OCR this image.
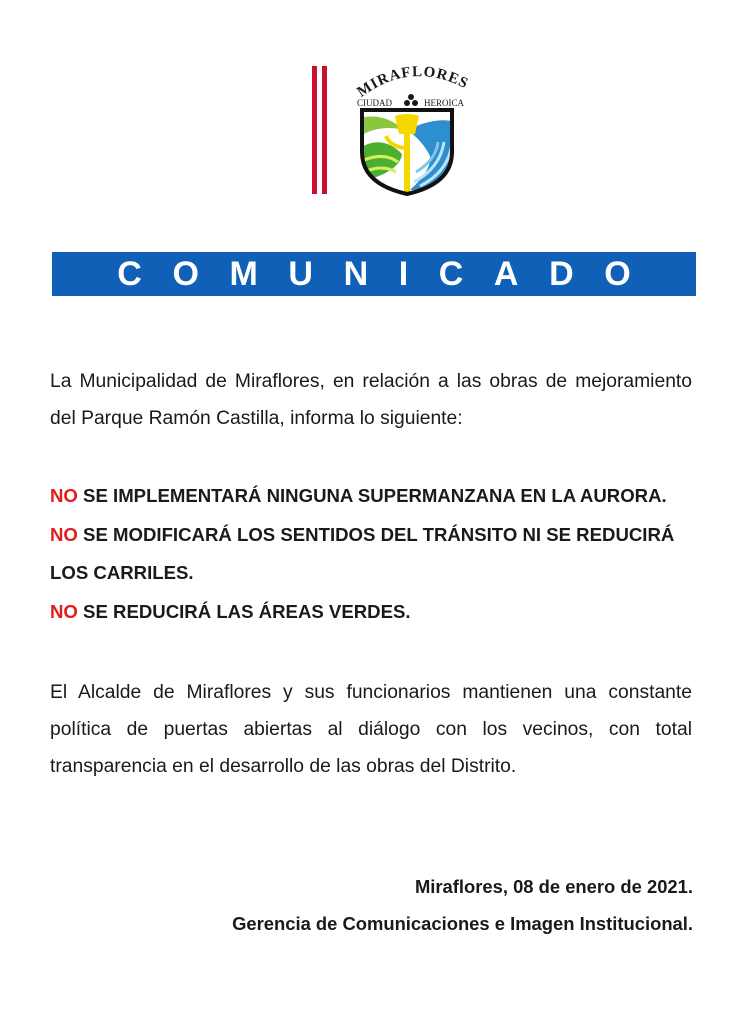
MIRAFLORES
CIUDAD	HEROICA
COMUNICADO

La Municipalidad de Miraflores, en relación a las obras de mejoramiento del Parque Ramón Castilla, informa lo siguiente:

NO SE IMPLEMENTARÁ NINGUNA SUPERMANZANA EN LA AURORA.
NO SE MODIFICARÁ LOS SENTIDOS DEL TRÁNSITO NI SE REDUCIRÁ LOS CARRILES.
NO SE REDUCIRÁ LAS ÁREAS VERDES.

El Alcalde de Miraflores y sus funcionarios mantienen una constante política de puertas abiertas al diálogo con los vecinos, con total transparencia en el desarrollo de las obras del Distrito.

Miraflores, 08 de enero de 2021.
Gerencia de Comunicaciones e Imagen Institucional.
